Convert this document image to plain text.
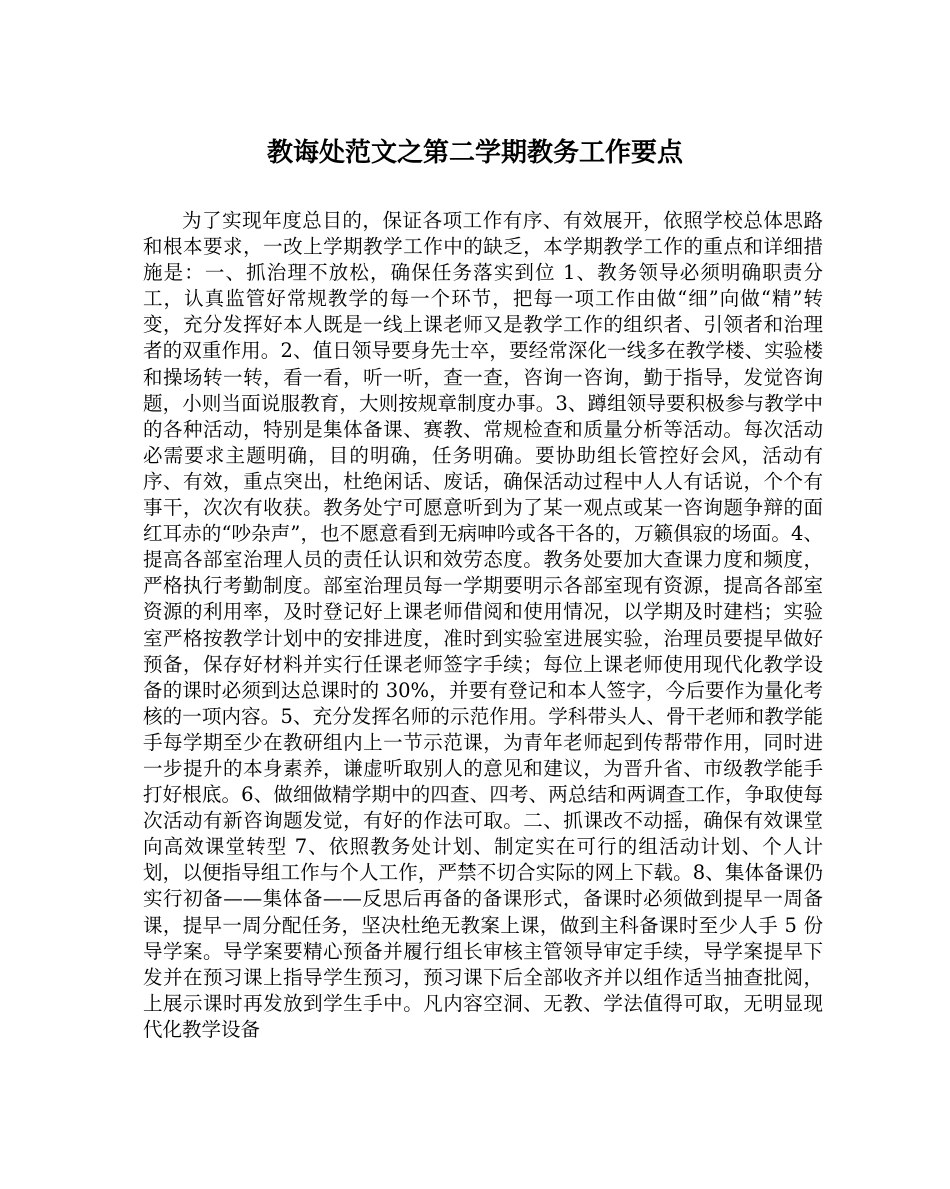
教诲处范文之第二学期教务工作要点

为了实现年度总目的，保证各项工作有序、有效展开，依照学校总体思路和根本要求，一改上学期教学工作中的缺乏，本学期教学工作的重点和详细措施是：一、抓治理不放松，确保任务落实到位 1、教务领导必须明确职责分工，认真监管好常规教学的每一个环节，把每一项工作由做“细”向做“精”转变，充分发挥好本人既是一线上课老师又是教学工作的组织者、引领者和治理者的双重作用。2、值日领导要身先士卒，要经常深化一线多在教学楼、实验楼和操场转一转，看一看，听一听，查一查，咨询一咨询，勤于指导，发觉咨询题，小则当面说服教育，大则按规章制度办事。3、蹲组领导要积极参与教学中的各种活动，特别是集体备课、赛教、常规检查和质量分析等活动。每次活动必需要求主题明确，目的明确，任务明确。要协助组长管控好会风，活动有序、有效，重点突出，杜绝闲话、废话，确保活动过程中人人有话说，个个有事干，次次有收获。教务处宁可愿意听到为了某一观点或某一咨询题争辩的面红耳赤的“吵杂声”，也不愿意看到无病呻吟或各干各的，万籁俱寂的场面。4、提高各部室治理人员的责任认识和效劳态度。教务处要加大查课力度和频度，严格执行考勤制度。部室治理员每一学期要明示各部室现有资源，提高各部室资源的利用率，及时登记好上课老师借阅和使用情况，以学期及时建档；实验室严格按教学计划中的安排进度，准时到实验室进展实验，治理员要提早做好预备，保存好材料并实行任课老师签字手续；每位上课老师使用现代化教学设备的课时必须到达总课时的 30%，并要有登记和本人签字，今后要作为量化考核的一项内容。5、充分发挥名师的示范作用。学科带头人、骨干老师和教学能手每学期至少在教研组内上一节示范课，为青年老师起到传帮带作用，同时进一步提升的本身素养，谦虚听取别人的意见和建议，为晋升省、市级教学能手打好根底。6、做细做精学期中的四查、四考、两总结和两调查工作，争取使每次活动有新咨询题发觉，有好的作法可取。二、抓课改不动摇，确保有效课堂向高效课堂转型 7、依照教务处计划、制定实在可行的组活动计划、个人计划，以便指导组工作与个人工作，严禁不切合实际的网上下载。8、集体备课仍实行初备——集体备——反思后再备的备课形式，备课时必须做到提早一周备课，提早一周分配任务，坚决杜绝无教案上课，做到主科备课时至少人手 5 份导学案。导学案要精心预备并履行组长审核主管领导审定手续，导学案提早下发并在预习课上指导学生预习，预习课下后全部收齐并以组作适当抽查批阅，上展示课时再发放到学生手中。凡内容空洞、无教、学法值得可取，无明显现代化教学设备
